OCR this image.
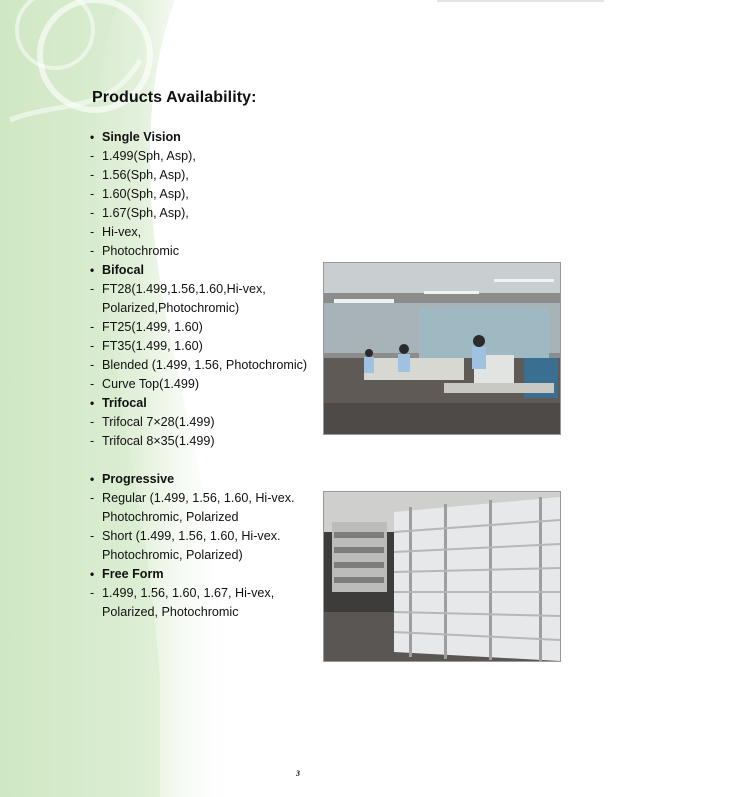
Products Availability:
• Single Vision
- 1.499(Sph, Asp),
- 1.56(Sph, Asp),
- 1.60(Sph, Asp),
- 1.67(Sph, Asp),
- Hi-vex,
- Photochromic
• Bifocal
- FT28(1.499,1.56,1.60,Hi-vex,
Polarized,Photochromic)
- FT25(1.499, 1.60)
- FT35(1.499, 1.60)
- Blended (1.499, 1.56, Photochromic)
- Curve Top(1.499)
• Trifocal
- Trifocal 7×28(1.499)
- Trifocal 8×35(1.499)
• Progressive
- Regular (1.499, 1.56, 1.60, Hi-vex.
Photochromic, Polarized
- Short (1.499, 1.56, 1.60, Hi-vex.
Photochromic, Polarized)
• Free Form
- 1.499, 1.56, 1.60, 1.67, Hi-vex,
Polarized, Photochromic
3
